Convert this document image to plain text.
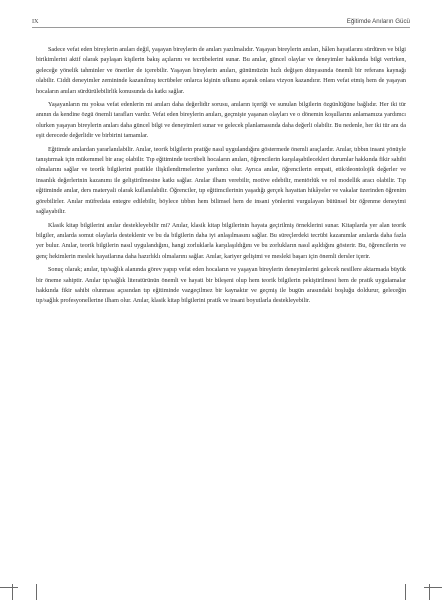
IX	Eğitimde Anıların Gücü

Sadece vefat eden bireylerin anıları değil, yaşayan bireylerin de anıları yazılmalıdır. Yaşayan bireylerin anıları, hâlen hayatlarını sürdüren ve bilgi birikimlerini aktif olarak paylaşan kişilerin bakış açılarını ve tecrübelerini sunar. Bu anılar, güncel olaylar ve deneyimler hakkında bilgi verirken, geleceğe yönelik tahminler ve öneriler de içerebilir. Yaşayan bireylerin anıları, günümüzün hızlı değişen dünyasında önemli bir referans kaynağı olabilir. Ciddi deneyimler zemininde kazanılmış tecrübeler onlarca kişinin ufkunu açarak onlara vizyon kazandırır. Hem vefat etmiş hem de yaşayan hocaların anıları sürdürülebilirlik konusunda da katkı sağlar.

Yaşayanların mı yoksa vefat edenlerin mi anıları daha değerlidir sorusu, anıların içeriği ve sunulan bilgilerin özgünlüğüne bağlıdır. Her iki tür anının da kendine özgü önemli tarafları vardır. Vefat eden bireylerin anıları, geçmişte yaşanan olayları ve o dönemin koşullarını anlamamıza yardımcı olurken yaşayan bireylerin anıları daha güncel bilgi ve deneyimleri sunar ve gelecek planlamasında daha değerli olabilir. Bu nedenle, her iki tür anı da eşit derecede değerlidir ve birbirini tamamlar.

Eğitimde anılardan yararlanılabilir. Anılar, teorik bilgilerin pratiğe nasıl uygulandığını göstermede önemli araçlardır. Anılar, tıbbın insani yönüyle tanıştırmak için mükemmel bir araç olabilir. Tıp eğitiminde tecrübeli hocaların anıları, öğrencilerin karşılaşabilecekleri durumlar hakkında fikir sahibi olmalarını sağlar ve teorik bilgilerini pratikle ilişkilendirmelerine yardımcı olur. Ayrıca anılar, öğrencilerin empati, etik/deontolojik değerler ve insanlık değerlerinin kazanımı ile geliştirilmesine katkı sağlar. Anılar ilham verebilir, motive edebilir, mentörlük ve rol modellik aracı olabilir. Tıp eğitiminde anılar, ders materyali olarak kullanılabilir. Öğrenciler, tıp eğitimcilerinin yaşadığı gerçek hayattan hikâyeler ve vakalar üzerinden öğrenim görebilirler. Anılar müfredata entegre edilebilir, böylece tıbbın hem bilimsel hem de insani yönlerini vurgulayan bütünsel bir öğrenme deneyimi sağlayabilir.

Klasik kitap bilgilerini anılar destekleyebilir mi? Anılar, klasik kitap bilgilerinin hayata geçirilmiş örneklerini sunar. Kitaplarda yer alan teorik bilgiler, anılarda somut olaylarla desteklenir ve bu da bilgilerin daha iyi anlaşılmasını sağlar. Bu süreçlerdeki tecrübi kazanımlar anılarda daha fazla yer bulur. Anılar, teorik bilgilerin nasıl uygulandığını, hangi zorluklarla karşılaşıldığını ve bu zorlukların nasıl aşıldığını gösterir. Bu, öğrencilerin ve genç hekimlerin meslek hayatlarına daha hazırlıklı olmalarını sağlar. Anılar, kariyer gelişimi ve mesleki başarı için önemli dersler içerir.

Sonuç olarak; anılar, tıp/sağlık alanında görev yapıp vefat eden hocaların ve yaşayan bireylerin deneyimlerini gelecek nesillere aktarmada büyük bir öneme sahiptir. Anılar tıp/sağlık literatürünün önemli ve hayati bir bileşeni olup hem teorik bilgilerin pekiştirilmesi hem de pratik uygulamalar hakkında fikir sahibi olunması açısından tıp eğitiminde vazgeçilmez bir kaynaktır ve geçmiş ile bugün arasındaki boşluğu doldurur, geleceğin tıp/sağlık profesyonellerine ilham olur. Anılar, klasik kitap bilgilerini pratik ve insani boyutlarla destekleyebilir.
